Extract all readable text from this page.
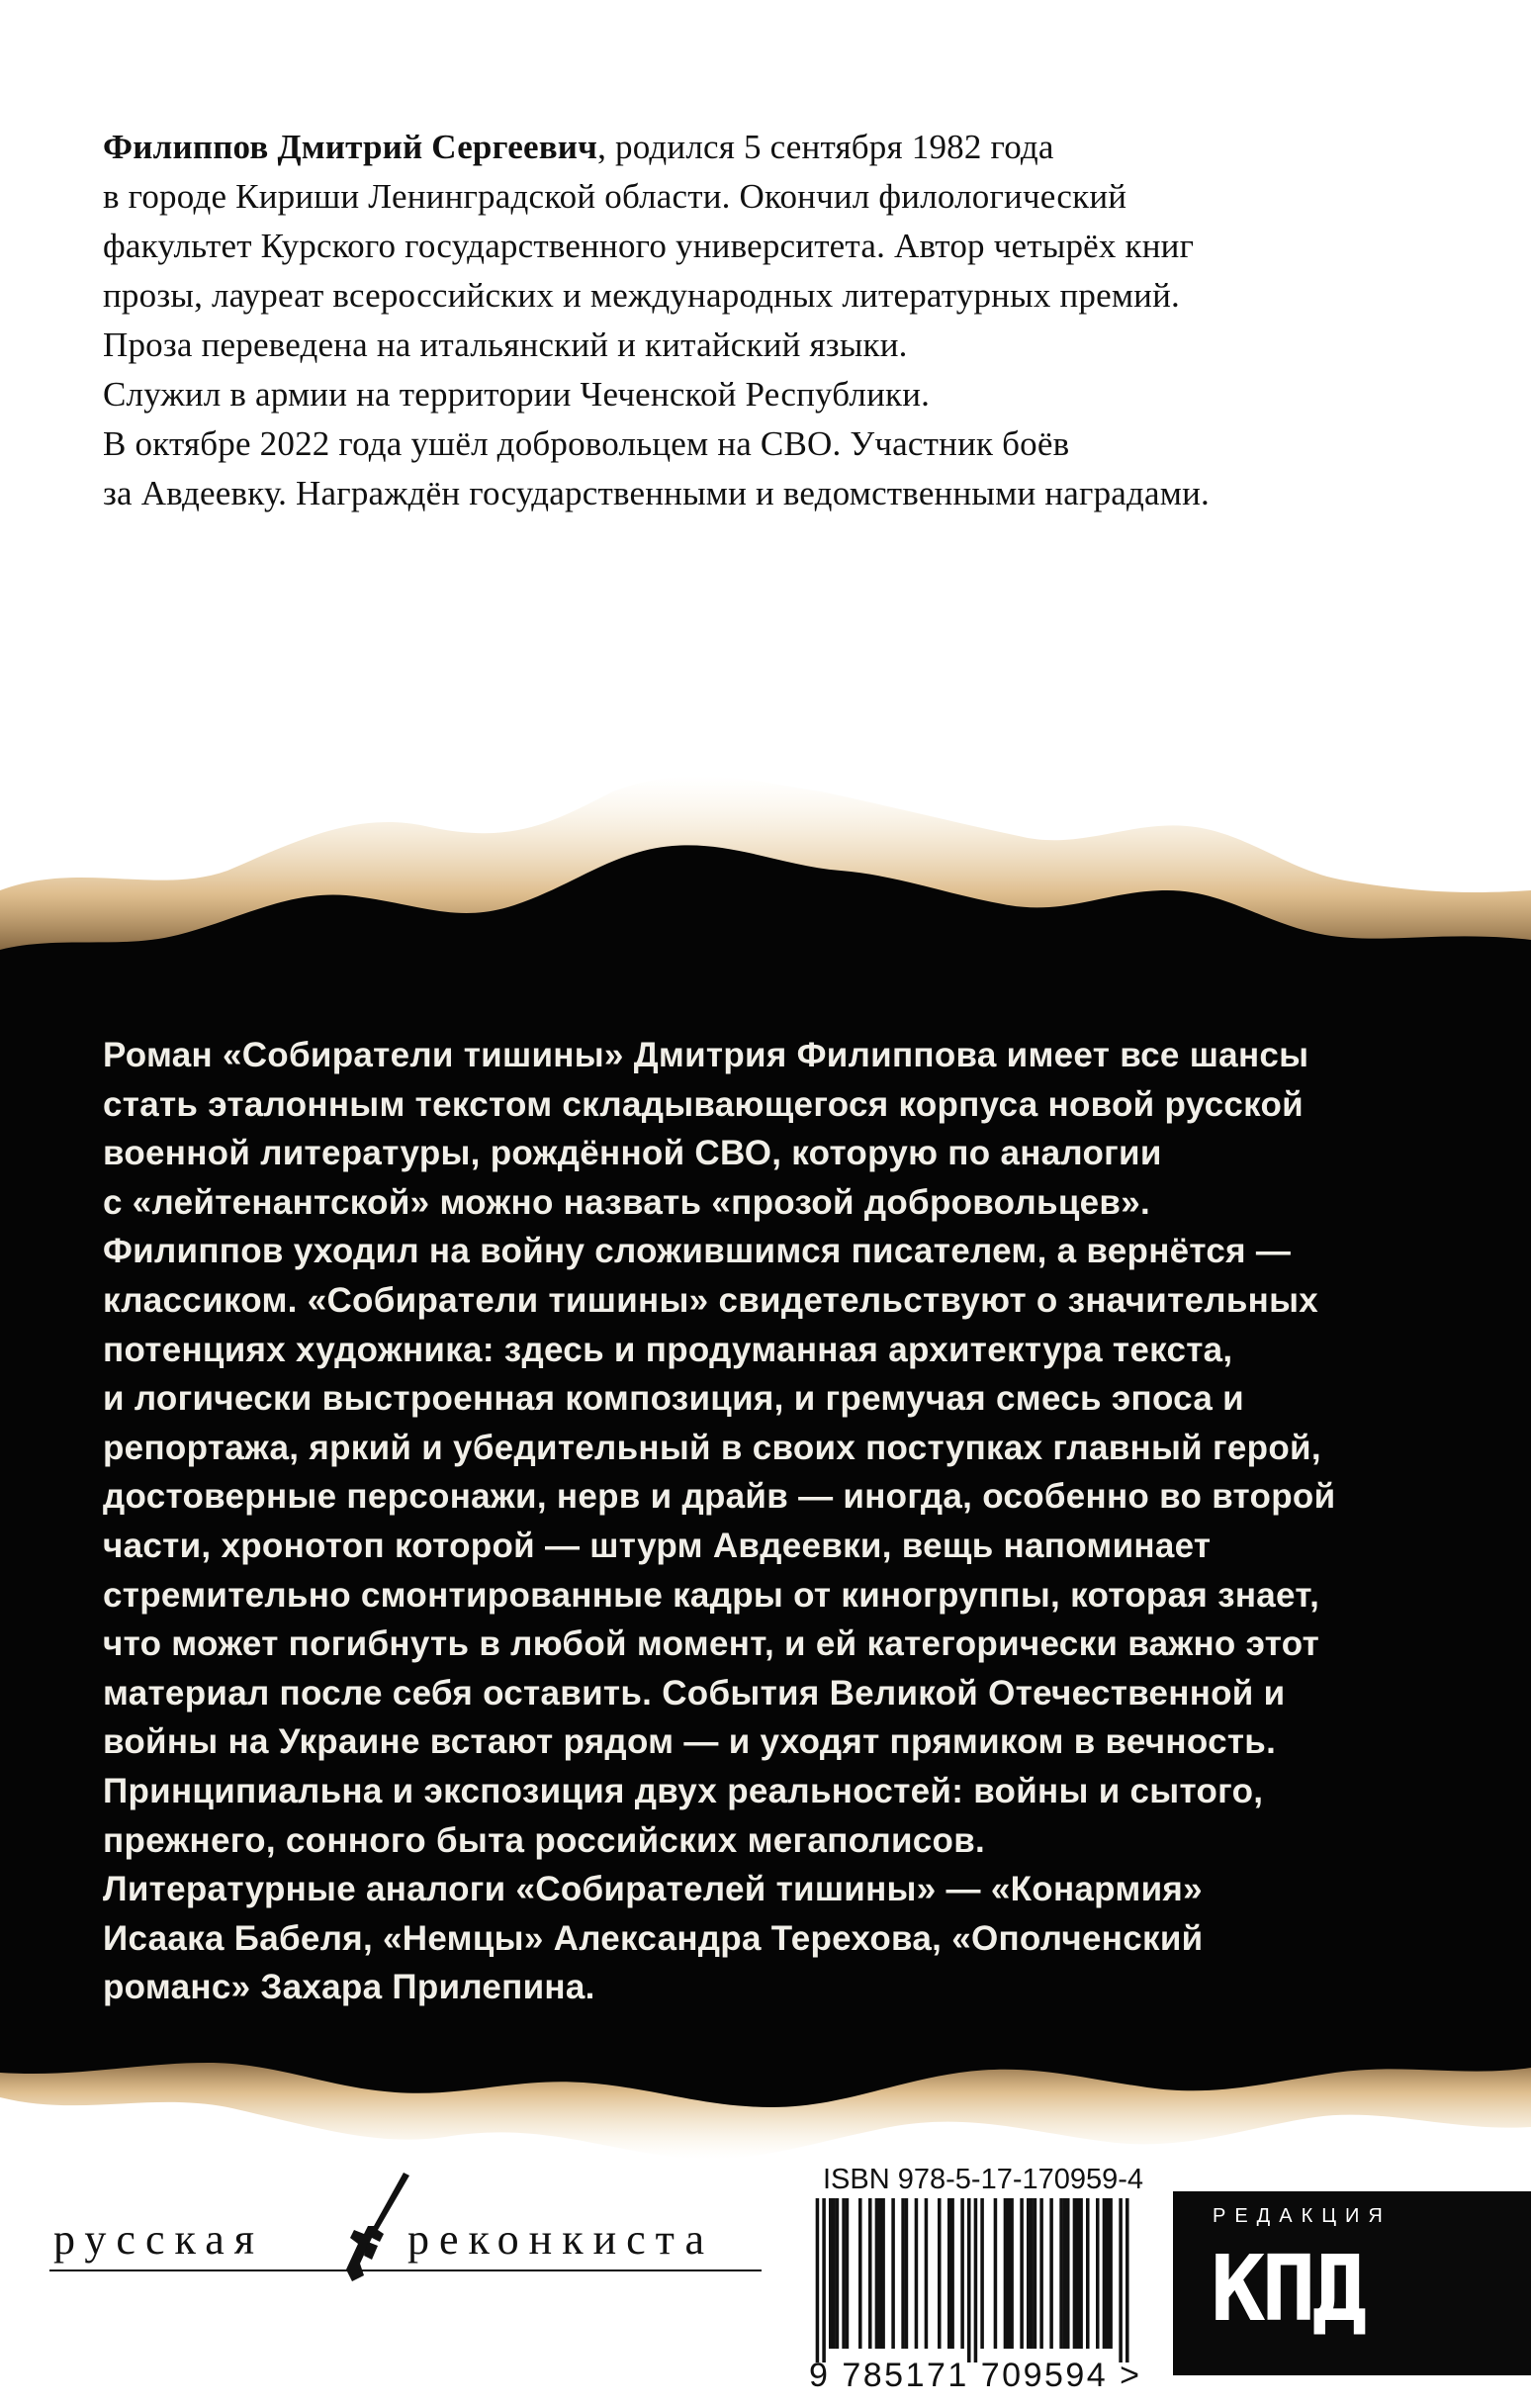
Филиппов Дмитрий Сергеевич, родился 5 сентября 1982 года
в городе Кириши Ленинградской области. Окончил филологический
факультет Курского государственного университета. Автор четырёх книг
прозы, лауреат всероссийских и международных литературных премий.
Проза переведена на итальянский и китайский языки.
Служил в армии на территории Чеченской Республики.
В октябре 2022 года ушёл добровольцем на СВО. Участник боёв
за Авдеевку. Награждён государственными и ведомственными наградами.
Роман «Собиратели тишины» Дмитрия Филиппова имеет все шансы
стать эталонным текстом складывающегося корпуса новой русской
военной литературы, рождённой СВО, которую по аналогии
с «лейтенантской» можно назвать «прозой добровольцев».
Филиппов уходил на войну сложившимся писателем, а вернётся —
классиком. «Собиратели тишины» свидетельствуют о значительных
потенциях художника: здесь и продуманная архитектура текста,
и логически выстроенная композиция, и гремучая смесь эпоса и
репортажа, яркий и убедительный в своих поступках главный герой,
достоверные персонажи, нерв и драйв — иногда, особенно во второй
части, хронотоп которой — штурм Авдеевки, вещь напоминает
стремительно смонтированные кадры от киногруппы, которая знает,
что может погибнуть в любой момент, и ей категорически важно этот
материал после себя оставить. События Великой Отечественной и
войны на Украине встают рядом — и уходят прямиком в вечность.
Принципиальна и экспозиция двух реальностей: войны и сытого,
прежнего, сонного быта российских мегаполисов.
Литературные аналоги «Собирателей тишины» — «Конармия»
Исаака Бабеля, «Немцы» Александра Терехова, «Ополченский
романс» Захара Прилепина.
русская	реконкиста
ISBN 978-5-17-170959-4
9 785171 709594 >
РЕДАКЦИЯ
КПД
